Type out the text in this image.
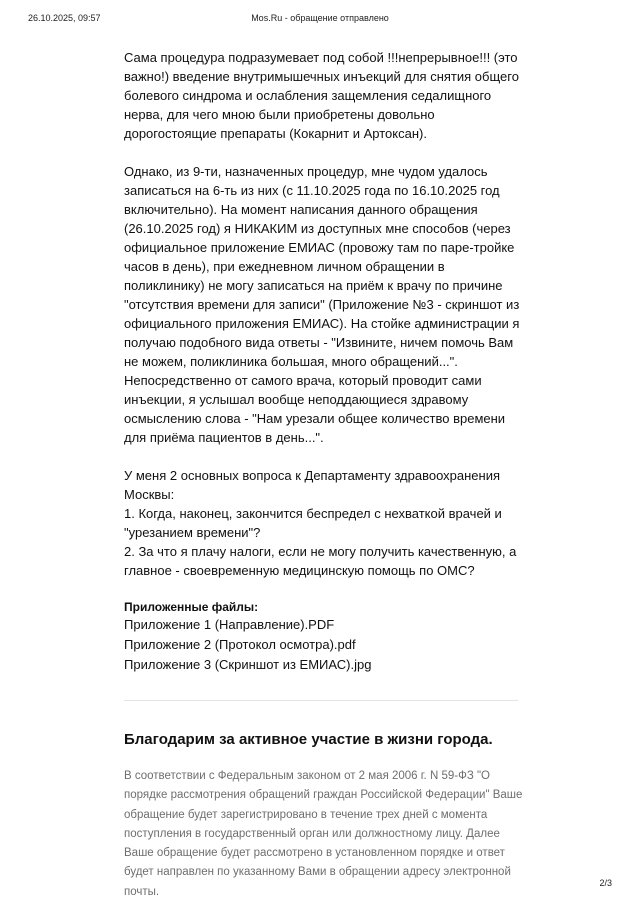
26.10.2025, 09:57	Mos.Ru - обращение отправлено

Сама процедура подразумевает под собой !!!непрерывное!!! (это
важно!) введение внутримышечных инъекций для снятия общего
болевого синдрома и ослабления защемления седалищного
нерва, для чего мною были приобретены довольно
дорогостоящие препараты (Кокарнит и Артоксан).

Однако, из 9-ти, назначенных процедур, мне чудом удалось
записаться на 6-ть из них (с 11.10.2025 года по 16.10.2025 год
включительно). На момент написания данного обращения
(26.10.2025 год) я НИКАКИМ из доступных мне способов (через
официальное приложение ЕМИАС (провожу там по паре-тройке
часов в день), при ежедневном личном обращении в
поликлинику) не могу записаться на приём к врачу по причине
"отсутствия времени для записи" (Приложение №3 - скриншот из
официального приложения ЕМИАС). На стойке администрации я
получаю подобного вида ответы - "Извините, ничем помочь Вам
не можем, поликлиника большая, много обращений...".
Непосредственно от самого врача, который проводит сами
инъекции, я услышал вообще неподдающиеся здравому
осмыслению слова - "Нам урезали общее количество времени
для приёма пациентов в день...".

У меня 2 основных вопроса к Департаменту здравоохранения
Москвы:
1. Когда, наконец, закончится беспредел с нехваткой врачей и
"урезанием времени"?
2. За что я плачу налоги, если не могу получить качественную, а
главное - своевременную медицинскую помощь по ОМС?

Приложенные файлы:
Приложение 1 (Направление).PDF
Приложение 2 (Протокол осмотра).pdf
Приложение 3 (Скриншот из ЕМИАС).jpg
Благодарим за активное участие в жизни города.
В соответствии с Федеральным законом от 2 мая 2006 г. N 59-ФЗ "О
порядке рассмотрения обращений граждан Российской Федерации" Ваше
обращение будет зарегистрировано в течение трех дней с момента
поступления в государственный орган или должностному лицу. Далее
Ваше обращение будет рассмотрено в установленном порядке и ответ
будет направлен по указанному Вами в обращении адресу электронной
почты.
2/3
